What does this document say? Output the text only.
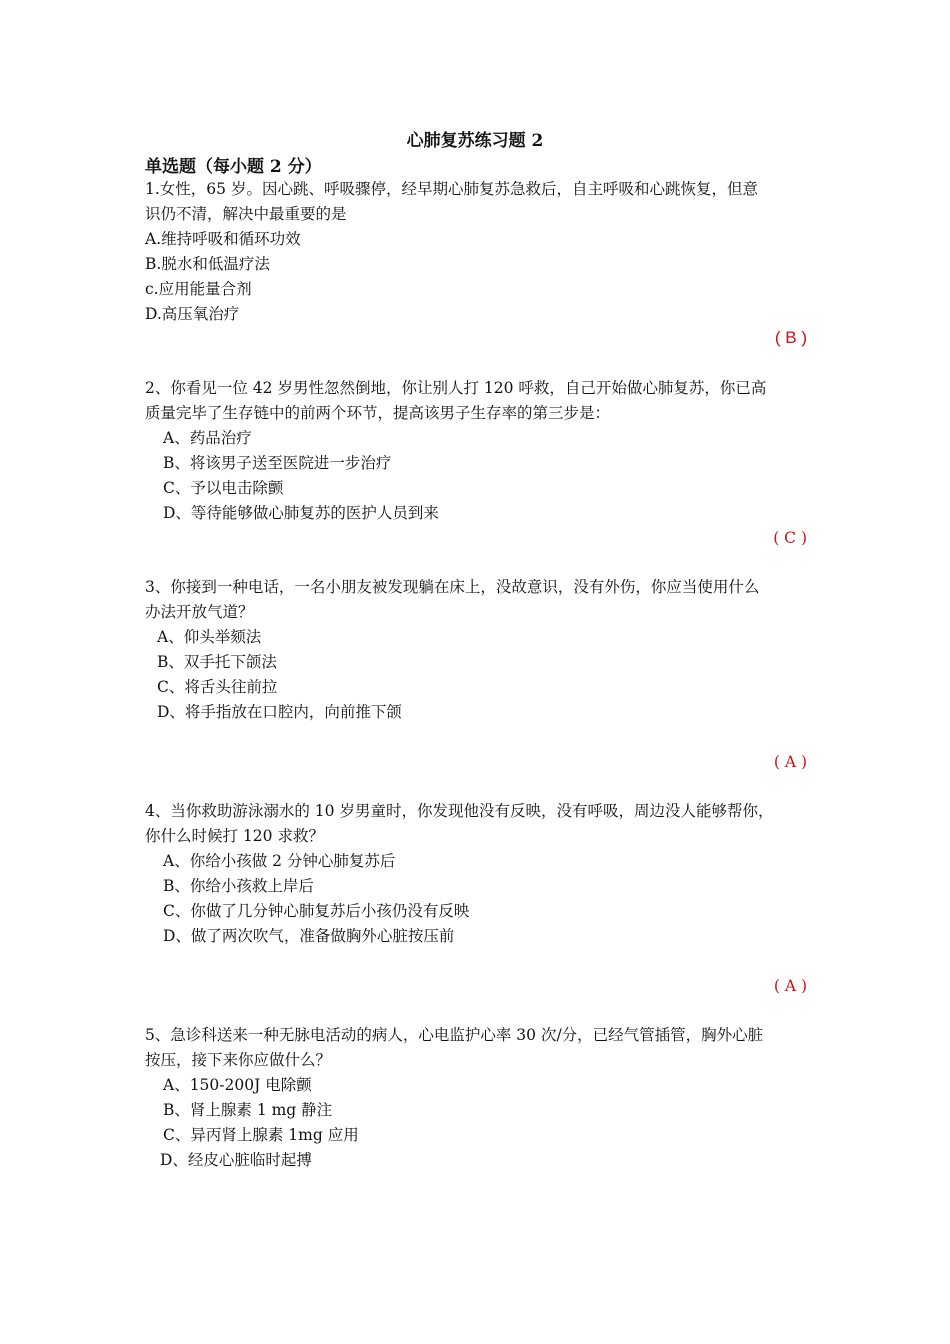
心肺复苏练习题 2
单选题（每小题 2 分）
1.女性，65 岁。因心跳、呼吸骤停，经早期心肺复苏急救后，自主呼吸和心跳恢复，但意
识仍不清，解决中最重要的是
A.维持呼吸和循环功效
B.脱水和低温疗法
c.应用能量合剂
D.高压氧治疗
( B )
2、你看见一位 42 岁男性忽然倒地，你让别人打 120 呼救，自己开始做心肺复苏，你已高
质量完毕了生存链中的前两个环节，提高该男子生存率的第三步是：
A、药品治疗
B、将该男子送至医院进一步治疗
C、予以电击除颤
D、等待能够做心肺复苏的医护人员到来
( C )
3、你接到一种电话，一名小朋友被发现躺在床上，没故意识，没有外伤，你应当使用什么
办法开放气道？
A、仰头举颏法
B、双手托下颌法
C、将舌头往前拉
D、将手指放在口腔内，向前推下颌
( A )
4、当你救助游泳溺水的 10 岁男童时，你发现他没有反映，没有呼吸，周边没人能够帮你，
你什么时候打 120 求救？
A、你给小孩做 2 分钟心肺复苏后
B、你给小孩救上岸后
C、你做了几分钟心肺复苏后小孩仍没有反映
D、做了两次吹气，准备做胸外心脏按压前
( A )
5、急诊科送来一种无脉电活动的病人，心电监护心率 30 次/分，已经气管插管，胸外心脏
按压，接下来你应做什么？
A、150-200J 电除颤
B、肾上腺素 1 mg 静注
C、异丙肾上腺素 1mg 应用
D、经皮心脏临时起搏
